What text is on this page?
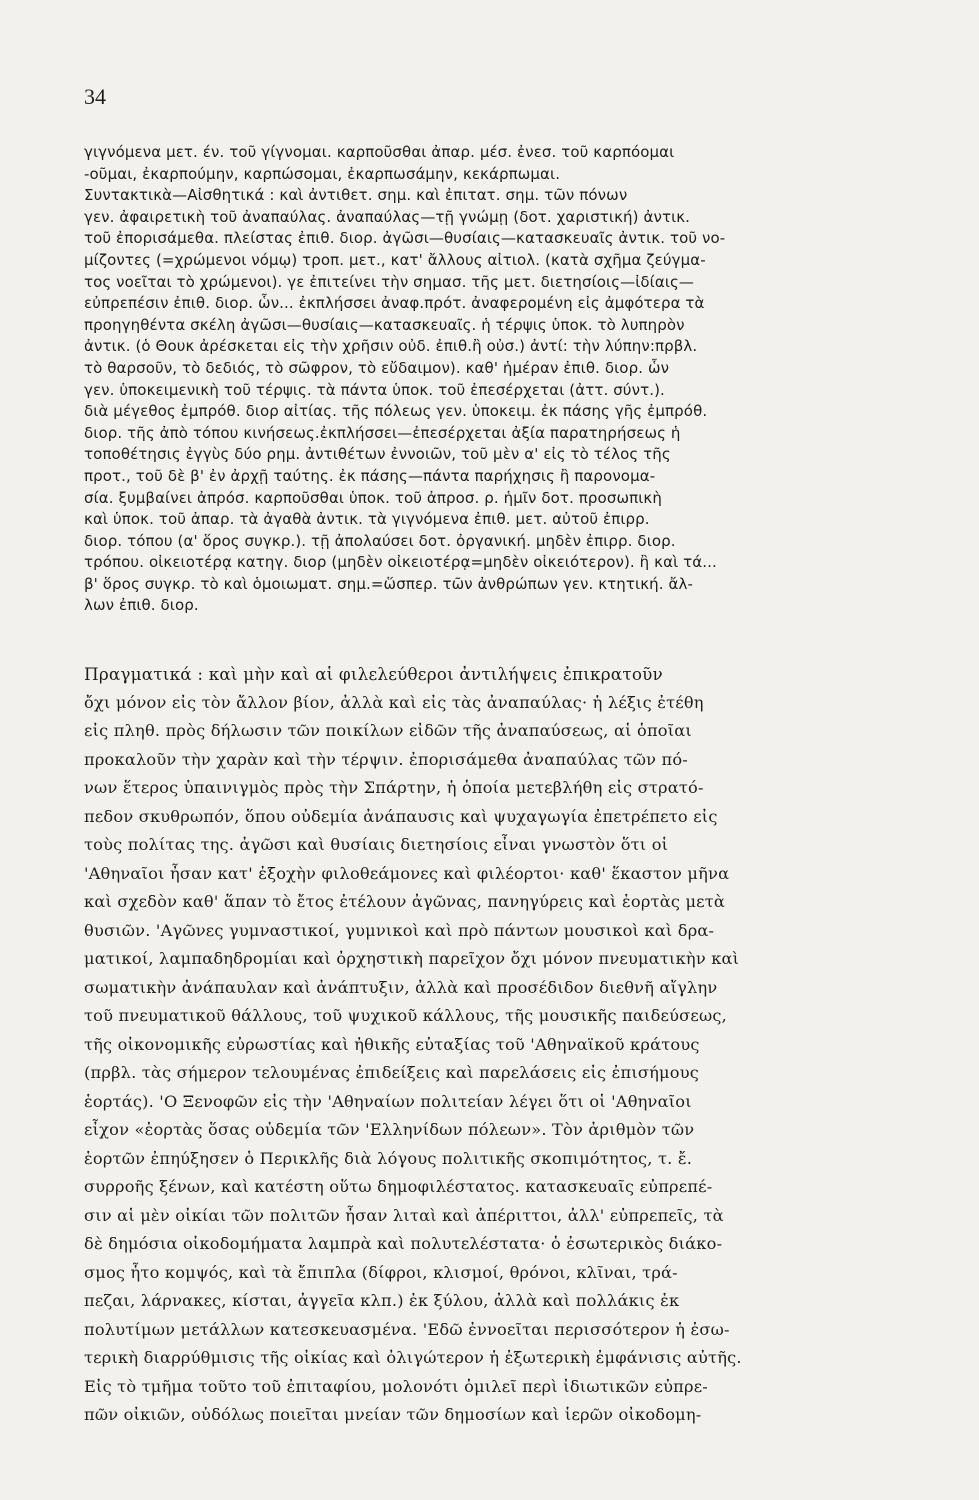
34
γιγνόμενα μετ. έν. τοῦ γίγνομαι. καρποῦσθαι ἀπαρ. μέσ. ἐνεσ. τοῦ καρπόομαι
-οῦμαι, ἐκαρπούμην, καρπώσομαι, ἐκαρπωσάμην, κεκάρπωμαι.
Συντακτικὰ—Αἰσθητικά : καὶ ἀντιθετ. σημ. καὶ ἐπιτατ. σημ. τῶν πόνων
γεν. ἀφαιρετικὴ τοῦ ἀναπαύλας. ἀναπαύλας—τῇ γνώμῃ (δοτ. χαριστική) ἀντικ.
τοῦ ἐπορισάμεθα. πλείστας ἐπιθ. διορ. ἀγῶσι—θυσίαις—κατασκευαῖς ἀντικ. τοῦ νο-
μίζοντες (=χρώμενοι νόμῳ) τροπ. μετ., κατ' ἄλλους αἰτιολ. (κατὰ σχῆμα ζεύγμα-
τος νοεῖται τὸ χρώμενοι). γε ἐπιτείνει τὴν σημασ. τῆς μετ. διετησίοις—ἰδίαις—
εὐπρεπέσιν ἐπιθ. διορ. ὧν... ἐκπλήσσει ἀναφ.πρότ. ἀναφερομένη εἰς ἀμφότερα τὰ
προηγηθέντα σκέλη ἀγῶσι—θυσίαις—κατασκευαῖς. ἡ τέρψις ὑποκ. τὸ λυπηρὸν
ἀντικ. (ὁ Θουκ ἀρέσκεται εἰς τὴν χρῆσιν οὐδ. ἐπιθ.ἢ οὐσ.) ἀντί: τὴν λύπην:πρβλ.
τὸ θαρσοῦν, τὸ δεδιός, τὸ σῶφρον, τὸ εὔδαιμον). καθ' ἡμέραν ἐπιθ. διορ. ὧν
γεν. ὑποκειμενικὴ τοῦ τέρψις. τὰ πάντα ὑποκ. τοῦ ἐπεσέρχεται (ἀττ. σύντ.).
διὰ μέγεθος ἐμπρόθ. διορ αἰτίας. τῆς πόλεως γεν. ὑποκειμ. ἐκ πάσης γῆς ἐμπρόθ.
διορ. τῆς ἀπὸ τόπου κινήσεως.ἐκπλήσσει—ἐπεσέρχεται ἀξία παρατηρήσεως ἡ
τοποθέτησις ἐγγὺς δύο ρημ. ἀντιθέτων ἐννοιῶν, τοῦ μὲν α' εἰς τὸ τέλος τῆς
προτ., τοῦ δὲ β' ἐν ἀρχῇ ταύτης. ἐκ πάσης—πάντα παρήχησις ἢ παρονομα-
σία. ξυμβαίνει ἀπρόσ. καρποῦσθαι ὑποκ. τοῦ ἀπροσ. ρ. ἡμῖν δοτ. προσωπικὴ
καὶ ὑποκ. τοῦ ἀπαρ. τὰ ἀγαθὰ ἀντικ. τὰ γιγνόμενα ἐπιθ. μετ. αὐτοῦ ἐπιρρ.
διορ. τόπου (α' ὅρος συγκρ.). τῇ ἀπολαύσει δοτ. ὀργανική. μηδὲν ἐπιρρ. διορ.
τρόπου. οἰκειοτέρᾳ κατηγ. διορ (μηδὲν οἰκειοτέρᾳ=μηδὲν οἰκειότερον). ἢ καὶ τά...
β' ὅρος συγκρ. τὸ καὶ ὁμοιωματ. σημ.=ὥσπερ. τῶν ἀνθρώπων γεν. κτητική. ἄλ-
λων ἐπιθ. διορ.
Πραγματικά : καὶ μὴν καὶ αἱ φιλελεύθεροι ἀντιλήψεις ἐπικρατοῦν
ὄχι μόνον εἰς τὸν ἄλλον βίον, ἀλλὰ καὶ εἰς τὰς ἀναπαύλας· ἡ λέξις ἐτέθη
εἰς πληθ. πρὸς δήλωσιν τῶν ποικίλων εἰδῶν τῆς ἀναπαύσεως, αἱ ὁποῖαι
προκαλοῦν τὴν χαρὰν καὶ τὴν τέρψιν. ἐπορισάμεθα ἀναπαύλας τῶν πό-
νων ἕτερος ὑπαινιγμὸς πρὸς τὴν Σπάρτην, ἡ ὁποία μετεβλήθη εἰς στρατό-
πεδον σκυθρωπόν, ὅπου οὐδεμία ἀνάπαυσις καὶ ψυχαγωγία ἐπετρέπετο εἰς
τοὺς πολίτας της. ἀγῶσι καὶ θυσίαις διετησίοις εἶναι γνωστὸν ὅτι οἱ
'Αθηναῖοι ἦσαν κατ' ἐξοχὴν φιλοθεάμονες καὶ φιλέορτοι· καθ' ἕκαστον μῆνα
καὶ σχεδὸν καθ' ἅπαν τὸ ἔτος ἐτέλουν ἀγῶνας, πανηγύρεις καὶ ἑορτὰς μετὰ
θυσιῶν. 'Αγῶνες γυμναστικοί, γυμνικοὶ καὶ πρὸ πάντων μουσικοὶ καὶ δρα-
ματικοί, λαμπαδηδρομίαι καὶ ὀρχηστικὴ παρεῖχον ὄχι μόνον πνευματικὴν καὶ
σωματικὴν ἀνάπαυλαν καὶ ἀνάπτυξιν, ἀλλὰ καὶ προσέδιδον διεθνῆ αἴγλην
τοῦ πνευματικοῦ θάλλους, τοῦ ψυχικοῦ κάλλους, τῆς μουσικῆς παιδεύσεως,
τῆς οἰκονομικῆς εὐρωστίας καὶ ἠθικῆς εὐταξίας τοῦ 'Αθηναϊκοῦ κράτους
(πρβλ. τὰς σήμερον τελουμένας ἐπιδείξεις καὶ παρελάσεις εἰς ἐπισήμους
ἑορτάς). 'Ο Ξενοφῶν εἰς τὴν 'Αθηναίων πολιτείαν λέγει ὅτι οἱ 'Αθηναῖοι
εἶχον «ἑορτὰς ὅσας οὐδεμία τῶν 'Ελληνίδων πόλεων». Τὸν ἀριθμὸν τῶν
ἑορτῶν ἐπηύξησεν ὁ Περικλῆς διὰ λόγους πολιτικῆς σκοπιμότητος, τ. ἔ.
συρροῆς ξένων, καὶ κατέστη οὕτω δημοφιλέστατος. κατασκευαῖς εὐπρεπέ-
σιν αἱ μὲν οἰκίαι τῶν πολιτῶν ἦσαν λιταὶ καὶ ἀπέριττοι, ἀλλ' εὐπρεπεῖς, τὰ
δὲ δημόσια οἰκοδομήματα λαμπρὰ καὶ πολυτελέστατα· ὁ ἐσωτερικὸς διάκο-
σμος ἦτο κομψός, καὶ τὰ ἔπιπλα (δίφροι, κλισμοί, θρόνοι, κλῖναι, τρά-
πεζαι, λάρνακες, κίσται, ἀγγεῖα κλπ.) ἐκ ξύλου, ἀλλὰ καὶ πολλάκις ἐκ
πολυτίμων μετάλλων κατεσκευασμένα. 'Εδῶ ἐννοεῖται περισσότερον ἡ ἐσω-
τερικὴ διαρρύθμισις τῆς οἰκίας καὶ ὀλιγώτερον ἡ ἐξωτερικὴ ἐμφάνισις αὐτῆς.
Εἰς τὸ τμῆμα τοῦτο τοῦ ἐπιταφίου, μολονότι ὁμιλεῖ περὶ ἰδιωτικῶν εὐπρε-
πῶν οἰκιῶν, οὐδόλως ποιεῖται μνείαν τῶν δημοσίων καὶ ἱερῶν οἰκοδομη-
